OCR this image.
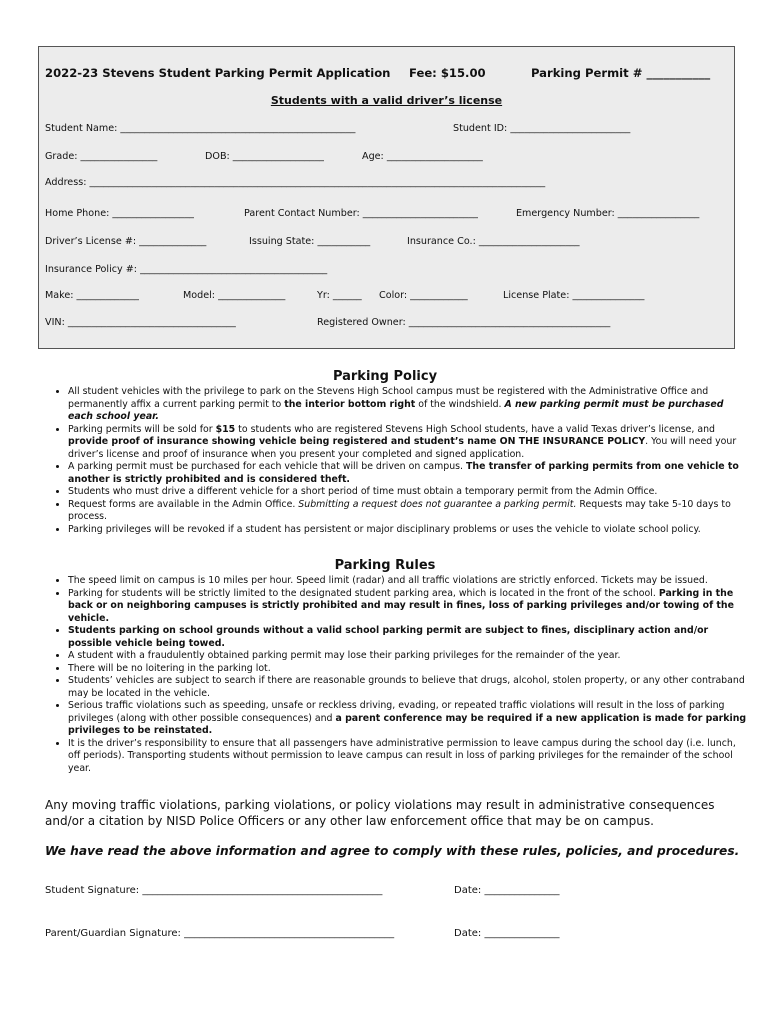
2022-23 Stevens Student Parking Permit Application Fee: $15.00	Parking Permit # ___________
Students with a valid driver’s license
Student Name: _________________________________________________	Student ID: _________________________
Grade: ________________	DOB: ___________________	Age: ____________________
Address: _______________________________________________________________________________________________
Home Phone: _________________	Parent Contact Number: ________________________	Emergency Number: _________________
Driver’s License #: ______________	Issuing State: ___________	Insurance Co.: _____________________
Insurance Policy #: _______________________________________
Make: _____________	Model: ______________	Yr: ______ Color: ____________	License Plate: _______________
VIN: ___________________________________	Registered Owner: __________________________________________
Parking Policy
• All student vehicles with the privilege to park on the Stevens High School campus must be registered with the Administrative Office and permanently affix a current parking permit to the interior bottom right of the windshield. A new parking permit must be purchased each school year.
• Parking permits will be sold for $15 to students who are registered Stevens High School students, have a valid Texas driver’s license, and provide proof of insurance showing vehicle being registered and student’s name ON THE INSURANCE POLICY. You will need your driver’s license and proof of insurance when you present your completed and signed application.
• A parking permit must be purchased for each vehicle that will be driven on campus. The transfer of parking permits from one vehicle to another is strictly prohibited and is considered theft.
• Students who must drive a different vehicle for a short period of time must obtain a temporary permit from the Admin Office.
• Request forms are available in the Admin Office. Submitting a request does not guarantee a parking permit. Requests may take 5-10 days to process.
• Parking privileges will be revoked if a student has persistent or major disciplinary problems or uses the vehicle to violate school policy.
Parking Rules
• The speed limit on campus is 10 miles per hour. Speed limit (radar) and all traffic violations are strictly enforced. Tickets may be issued.
• Parking for students will be strictly limited to the designated student parking area, which is located in the front of the school. Parking in the back or on neighboring campuses is strictly prohibited and may result in fines, loss of parking privileges and/or towing of the vehicle.
• Students parking on school grounds without a valid school parking permit are subject to fines, disciplinary action and/or possible vehicle being towed.
• A student with a fraudulently obtained parking permit may lose their parking privileges for the remainder of the year.
• There will be no loitering in the parking lot.
• Students’ vehicles are subject to search if there are reasonable grounds to believe that drugs, alcohol, stolen property, or any other contraband may be located in the vehicle.
• Serious traffic violations such as speeding, unsafe or reckless driving, evading, or repeated traffic violations will result in the loss of parking privileges (along with other possible consequences) and a parent conference may be required if a new application is made for parking privileges to be reinstated.
• It is the driver’s responsibility to ensure that all passengers have administrative permission to leave campus during the school day (i.e. lunch, off periods). Transporting students without permission to leave campus can result in loss of parking privileges for the remainder of the school year.
Any moving traffic violations, parking violations, or policy violations may result in administrative consequences and/or a citation by NISD Police Officers or any other law enforcement office that may be on campus.
We have read the above information and agree to comply with these rules, policies, and procedures.
Student Signature: ________________________________________________	Date: _______________
Parent/Guardian Signature: __________________________________________	Date: _______________
